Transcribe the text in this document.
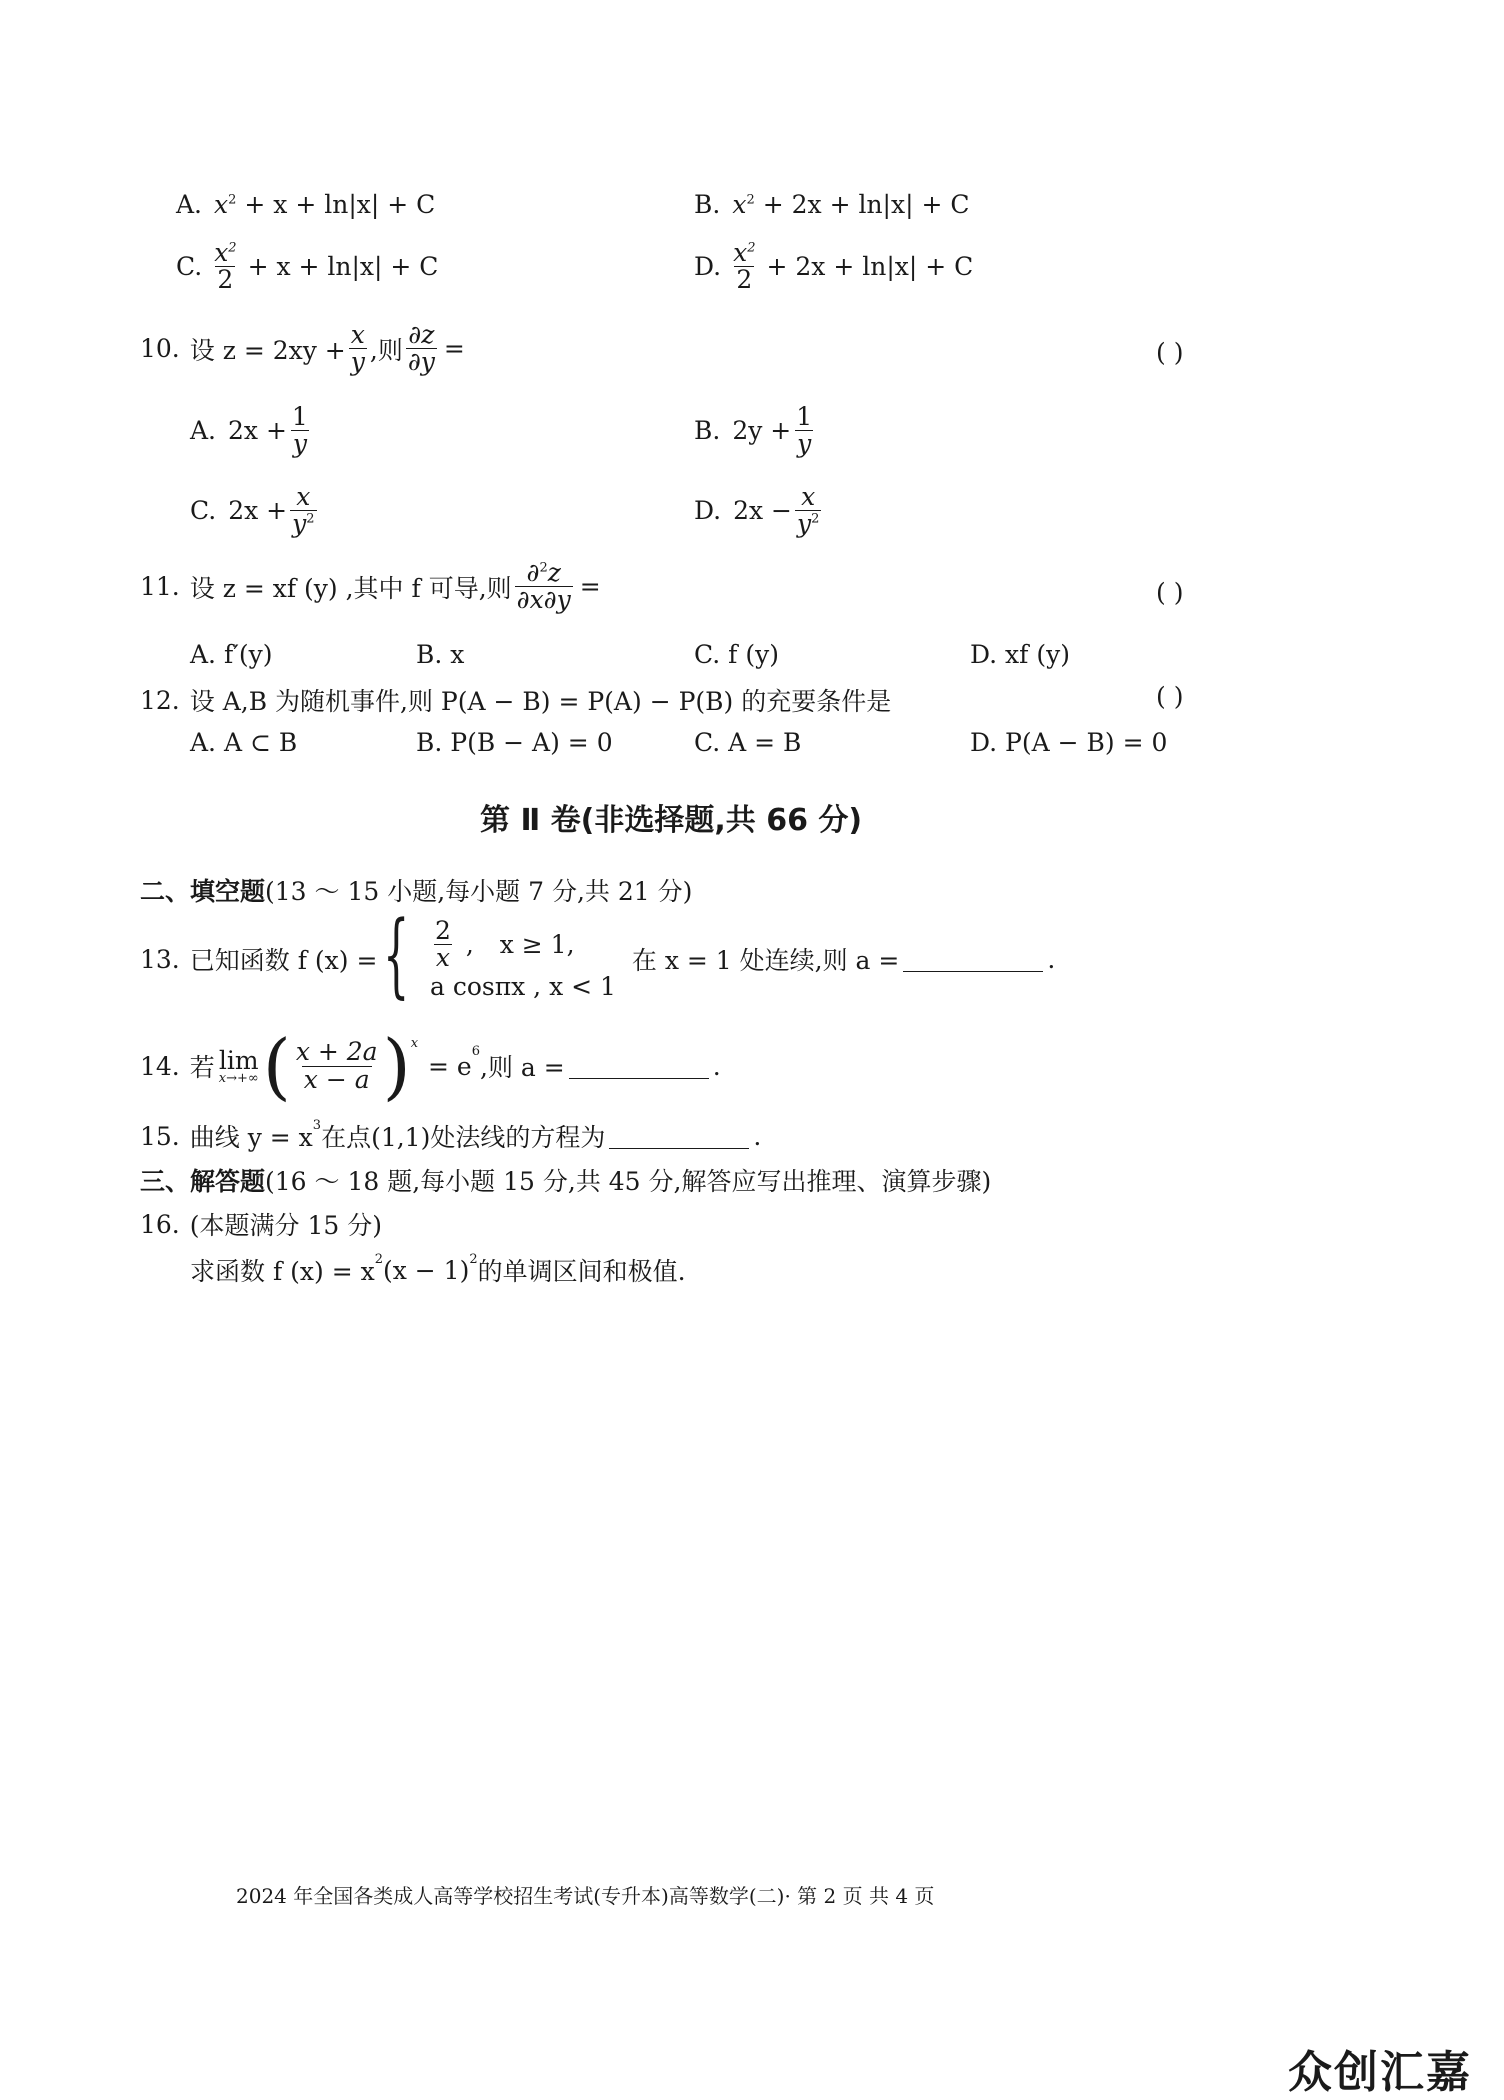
A. $x^2 + x + \ln|x| + C$	B. $x^2 + 2x + \ln|x| + C$
C. $\frac{x^2}{2} + x + \ln|x| + C$	D. $\frac{x^2}{2} + 2x + \ln|x| + C$
10. 设 $z = 2xy + \frac{x}{y}$ ,则 $\frac{\partial z}{\partial y}$ =	( )
A. $2x + \frac{1}{y}$	B. $2y + \frac{1}{y}$
C. $2x + \frac{x}{y^2}$	D. $2x - \frac{x}{y^2}$
11. 设 z = xf (y) ,其中 f 可导,则 $\frac{\partial^2z}{\partial x\partial y}$ =	( )
A. f′(y)	B. x	C. f (y)	D. xf (y)
12. 设 A,B 为随机事件,则 P(A − B) = P(A) − P(B) 的充要条件是	( )
A. A ⊂ B	B. P(B − A) = 0	C. A = B	D. P(A − B) = 0
第 Ⅱ 卷(非选择题,共 66 分)
二、填空题 (13 ～ 15 小题,每小题 7 分,共 21 分)
13. 已知函数 f (x) = { $\frac{2}{x}$ , x ≥ 1,
a cosπx , x < 1
在 x = 1 处连续,则 a =	.
14. 若 lim
x→+∞ ( $\frac{x + 2a}{x - a} )^x$
= $e^6$
,则 a =	.
15. 曲线 $y = x^3$ 在点(1,1)处法线的方程为	.
三、解答题 (16 ～ 18 题,每小题 15 分,共 45 分,解答应写出推理、演算步骤)
16. (本题满分 15 分)
求函数 f $(x) = x^2$ $(x - 1)^2$ 的单调区间和极值.
2024 年全国各类成人高等学校招生考试(专升本)高等数学(二)· 第 2 页 共 4 页
众创汇嘉
